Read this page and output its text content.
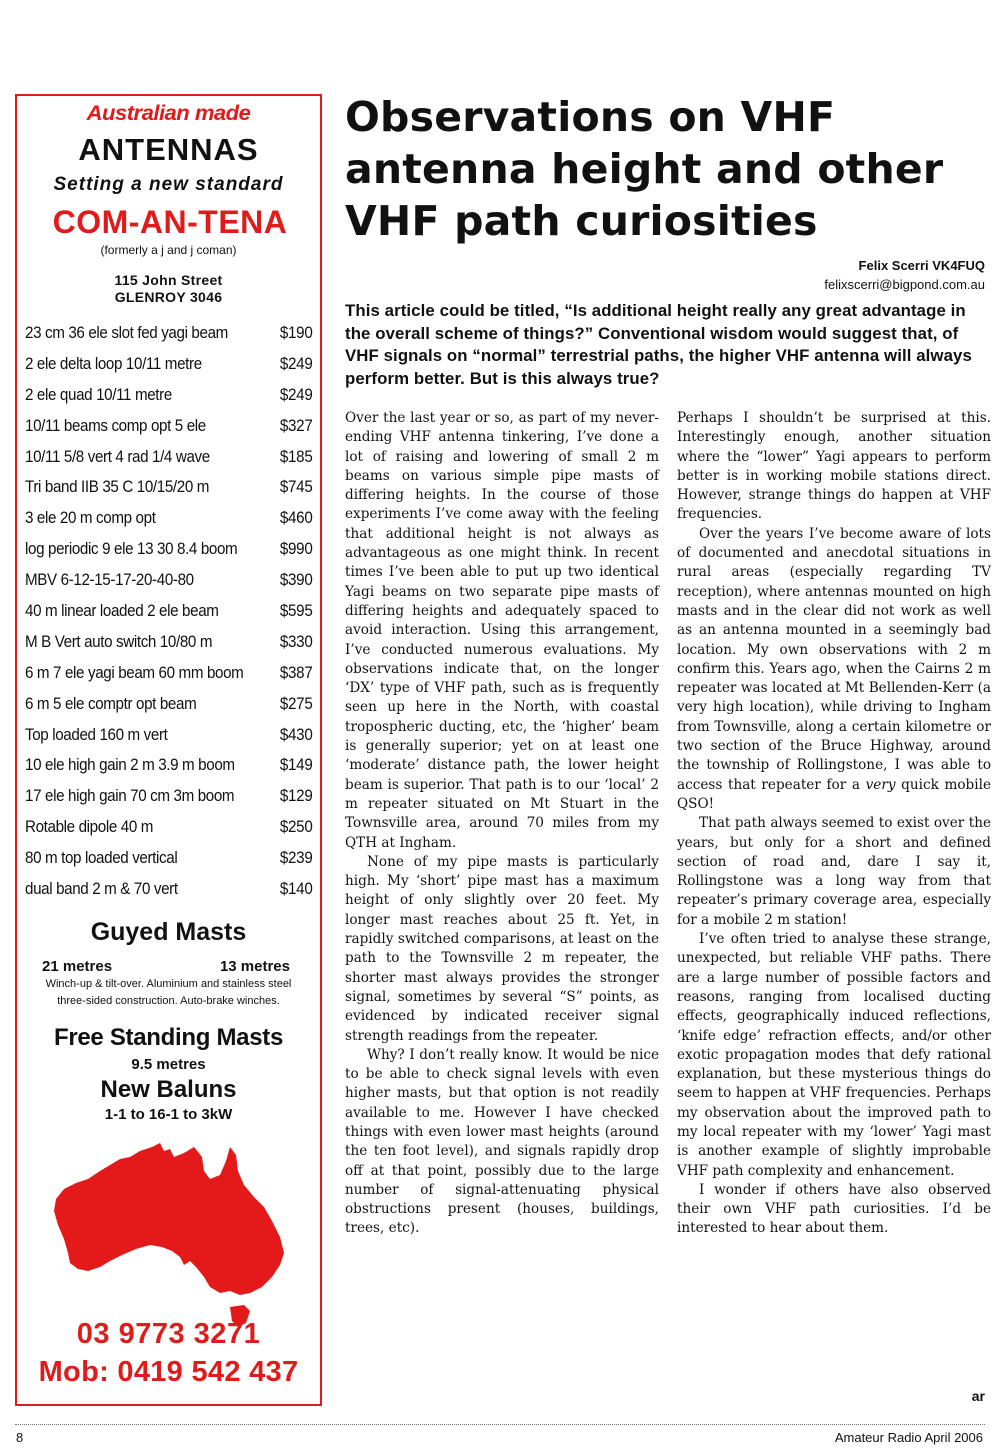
Australian made
ANTENNAS
Setting a new standard
COM-AN-TENA
(formerly a j and j coman)
115 John Street
GLENROY 3046
23 cm 36 ele slot fed yagi beam	$190
2 ele delta loop 10/11 metre	$249
2 ele quad 10/11 metre	$249
10/11 beams comp opt 5 ele	$327
10/11 5/8 vert 4 rad 1/4 wave	$185
Tri band IIB 35 C 10/15/20 m	$745
3 ele 20 m comp opt	$460
log periodic 9 ele 13 30 8.4 boom	$990
MBV 6-12-15-17-20-40-80	$390
40 m linear loaded 2 ele beam	$595
M B Vert auto switch 10/80 m	$330
6 m 7 ele yagi beam 60 mm boom $387
6 m 5 ele comptr opt beam	$275
Top loaded 160 m vert	$430
10 ele high gain 2 m 3.9 m boom	$149
17 ele high gain 70 cm 3m boom	$129
Rotable dipole 40 m	$250
80 m top loaded vertical	$239
dual band 2 m & 70 vert	$140
Guyed Masts
21 metres	13 metres
Winch-up & tilt-over. Aluminium and stainless steel
three-sided construction. Auto-brake winches.
Free Standing Masts
9.5 metres
New Baluns
1-1 to 16-1 to 3kW
03 9773 3271
Mob: 0419 542 437
Observations on VHF antenna height and other VHF path curiosities
Felix Scerri VK4FUQ
felixscerri@bigpond.com.au

This article could be titled, “Is additional height really any great advantage in the overall scheme of things?” Conventional wisdom would suggest that, of VHF signals on “normal” terrestrial paths, the higher VHF antenna will always perform better. But is this always true?

Over the last year or so, as part of my never-ending VHF antenna tinkering, I’ve done a lot of raising and lowering of small 2 m beams on various simple pipe masts of differing heights. In the course of those experiments I’ve come away with the feeling that additional height is not always as advantageous as one might think. In recent times I’ve been able to put up two identical Yagi beams on two separate pipe masts of differing heights and adequately spaced to avoid interaction. Using this arrangement, I’ve conducted numerous evaluations. My observations indicate that, on the longer ‘DX’ type of VHF path, such as is frequently seen up here in the North, with coastal tropospheric ducting, etc, the ‘higher’ beam is generally superior; yet on at least one ‘moderate’ distance path, the lower height beam is superior. That path is to our ‘local’ 2 m repeater situated on Mt Stuart in the Townsville area, around 70 miles from my QTH at Ingham.

None of my pipe masts is particularly high. My ‘short’ pipe mast has a maximum height of only slightly over 20 feet. My longer mast reaches about 25 ft. Yet, in rapidly switched comparisons, at least on the path to the Townsville 2 m repeater, the shorter mast always provides the stronger signal, sometimes by several “S” points, as evidenced by indicated receiver signal strength readings from the repeater.

Why? I don’t really know. It would be nice to be able to check signal levels with even higher masts, but that option is not readily available to me. However I have checked things with even lower mast heights (around the ten foot level), and signals rapidly drop off at that point, possibly due to the large number of signal-attenuating physical obstructions present (houses, buildings, trees, etc).

Perhaps I shouldn’t be surprised at this. Interestingly enough, another situation where the “lower” Yagi appears to perform better is in working mobile stations direct. However, strange things do happen at VHF frequencies.

Over the years I’ve become aware of lots of documented and anecdotal situations in rural areas (especially regarding TV reception), where antennas mounted on high masts and in the clear did not work as well as an antenna mounted in a seemingly bad location. My own observations with 2 m confirm this. Years ago, when the Cairns 2 m repeater was located at Mt Bellenden-Kerr (a very high location), while driving to Ingham from Townsville, along a certain kilometre or two section of the Bruce Highway, around the township of Rollingstone, I was able to access that repeater for a very quick mobile QSO!

That path always seemed to exist over the years, but only for a short and defined section of road and, dare I say it, Rollingstone was a long way from that repeater’s primary coverage area, especially for a mobile 2 m station!

I’ve often tried to analyse these strange, unexpected, but reliable VHF paths. There are a large number of possible factors and reasons, ranging from localised ducting effects, geographically induced reflections, ‘knife edge’ refraction effects, and/or other exotic propagation modes that defy rational explanation, but these mysterious things do seem to happen at VHF frequencies. Perhaps my observation about the improved path to my local repeater with my ‘lower’ Yagi mast is another example of slightly improbable VHF path complexity and enhancement.

I wonder if others have also observed their own VHF path curiosities. I’d be interested to hear about them.

ar
8	Amateur Radio April 2006
